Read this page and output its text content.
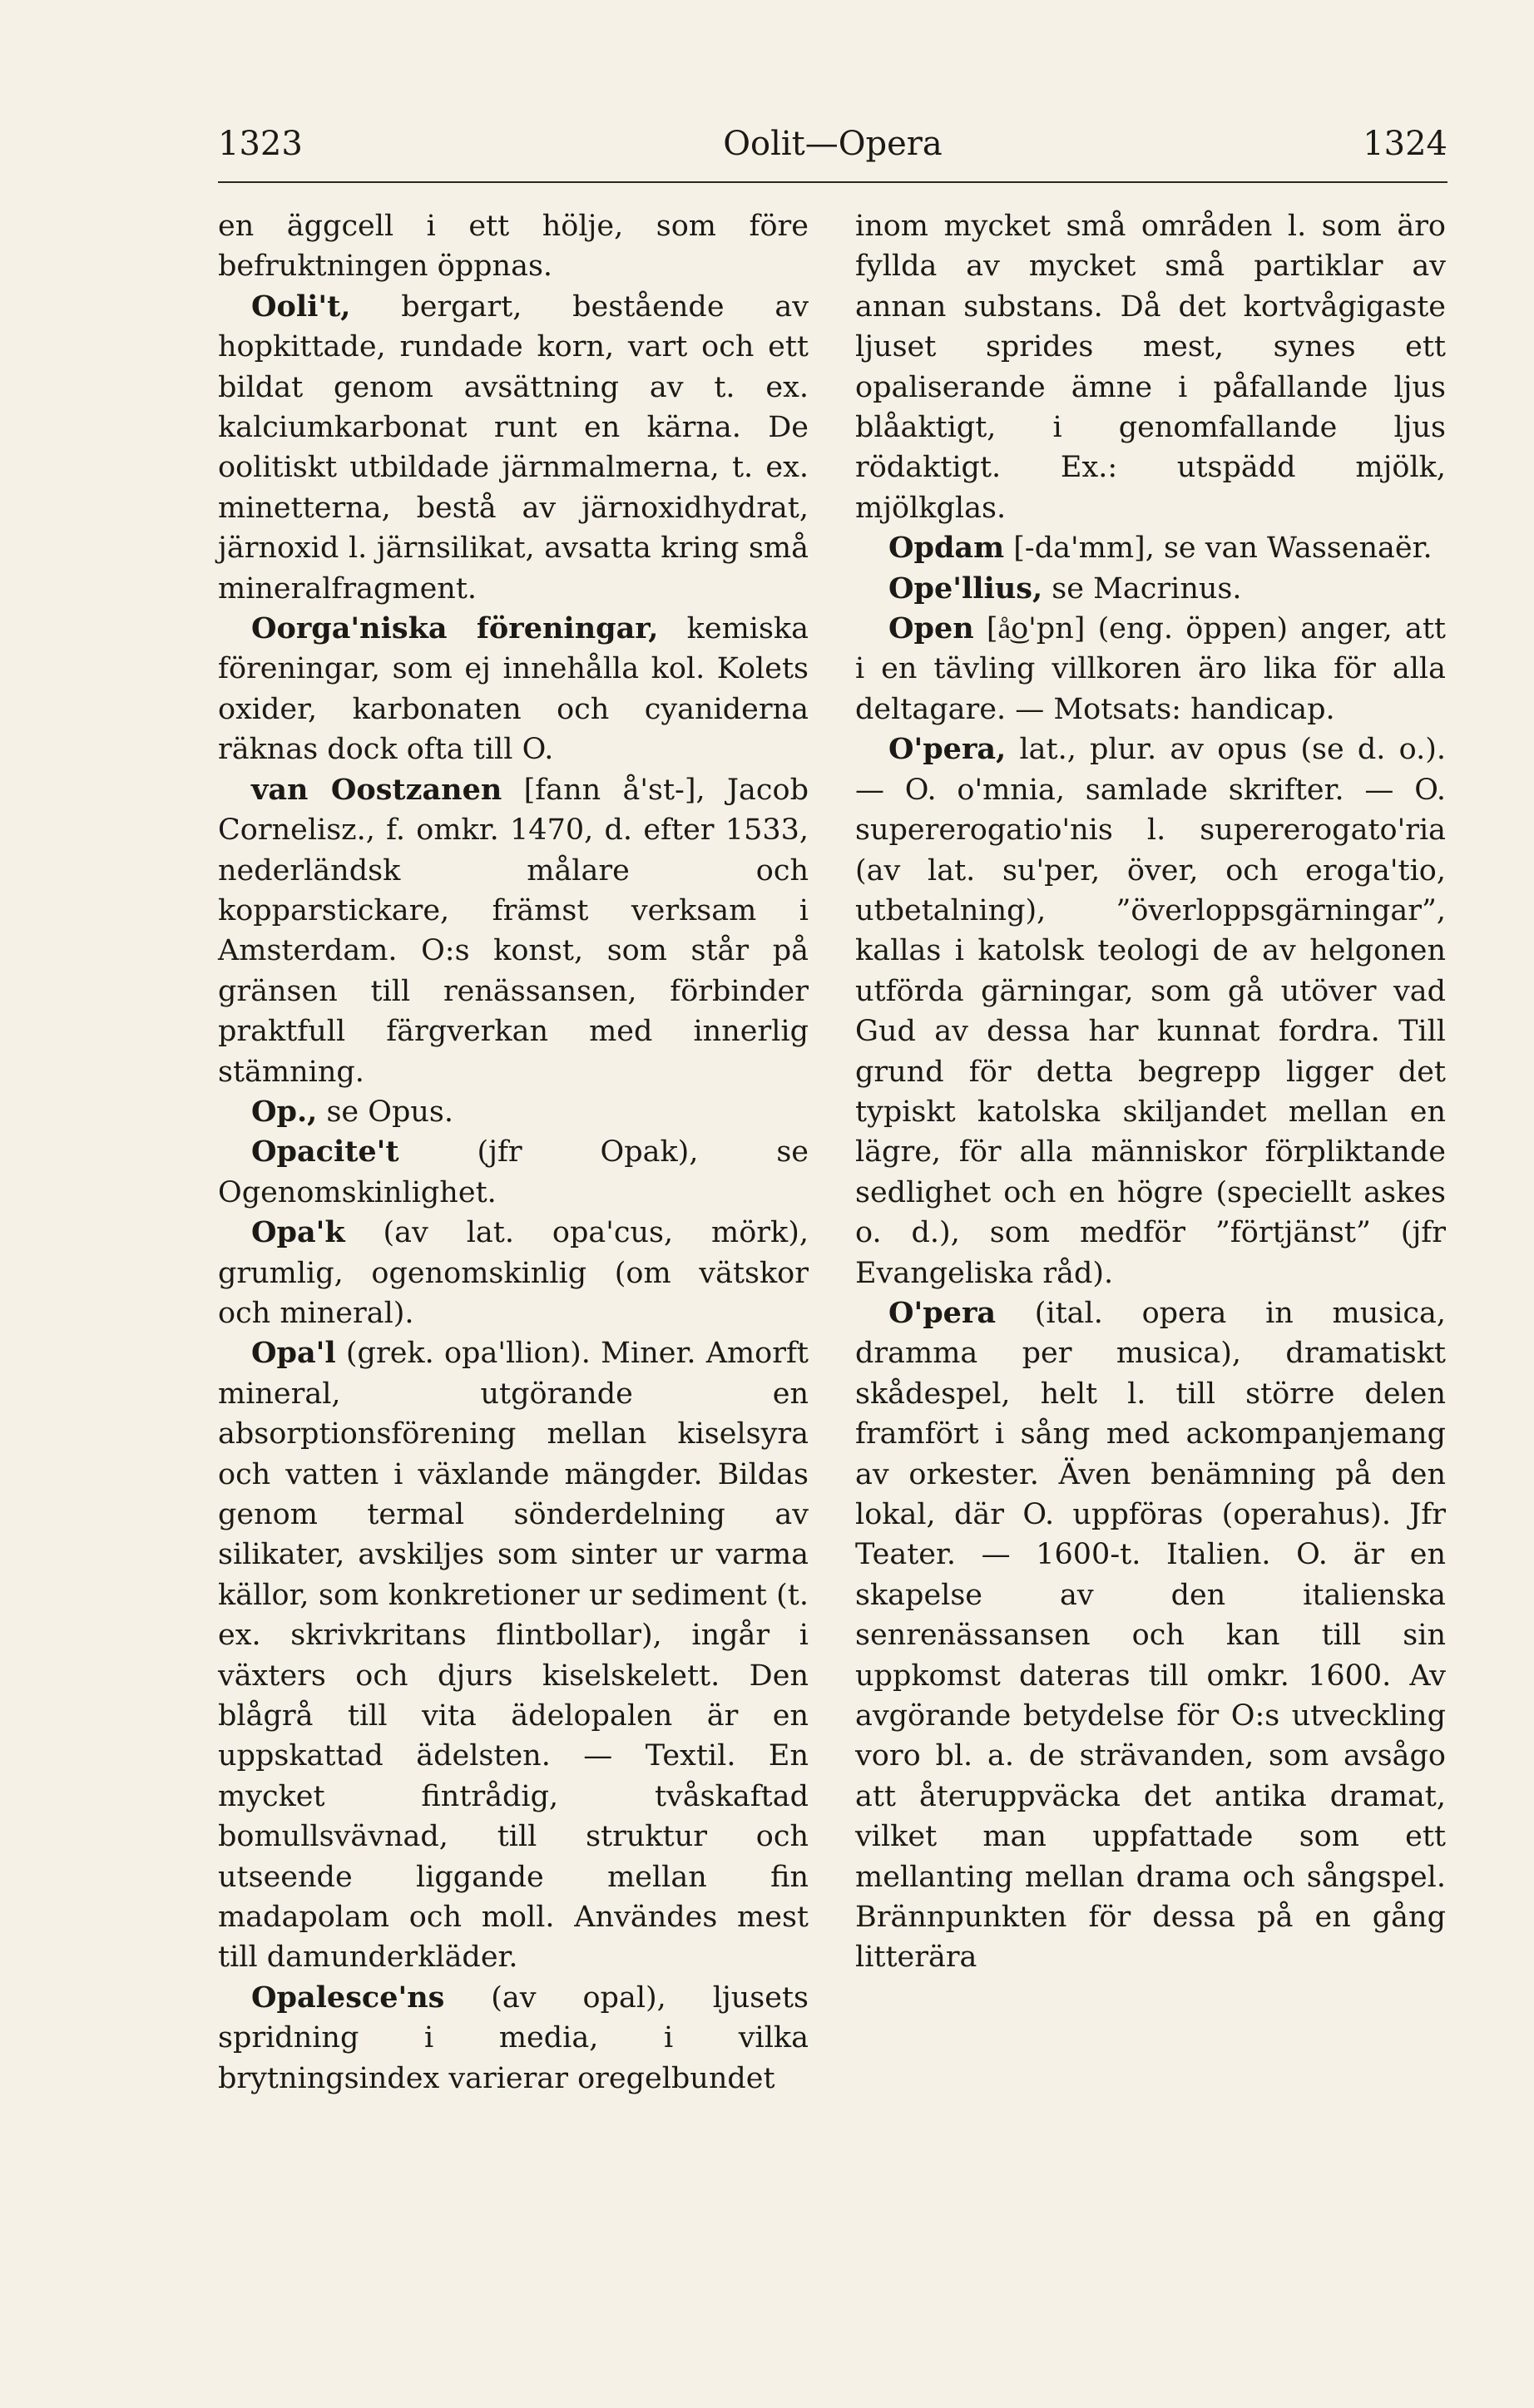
1323	Oolit—Opera	1324

en äggcell i ett hölje, som före befruktningen öppnas.

Ooli't, bergart, bestående av hopkittade, rundade korn, vart och ett bildat genom avsättning av t. ex. kalciumkarbonat runt en kärna. De oolitiskt utbildade järnmalmerna, t. ex. minetterna, bestå av järnoxidhydrat, järnoxid l. järnsilikat, avsatta kring små mineralfragment.

Oorga'niska föreningar, kemiska föreningar, som ej innehålla kol. Kolets oxider, karbonaten och cyaniderna räknas dock ofta till O.

van Oostzanen [fann å'st-], Jacob Cornelisz., f. omkr. 1470, d. efter 1533, nederländsk målare och kopparstickare, främst verksam i Amsterdam. O:s konst, som står på gränsen till renässansen, förbinder praktfull färgverkan med innerlig stämning.

Op., se Opus.

Opacite't (jfr Opak), se Ogenomskinlighet.

Opa'k (av lat. opa'cus, mörk), grumlig, ogenomskinlig (om vätskor och mineral).

Opa'l (grek. opa'llion). Miner. Amorft mineral, utgörande en absorptionsförening mellan kiselsyra och vatten i växlande mängder. Bildas genom termal sönderdelning av silikater, avskiljes som sinter ur varma källor, som konkretioner ur sediment (t. ex. skrivkritans flintbollar), ingår i växters och djurs kiselskelett. Den blågrå till vita ädelopalen är en uppskattad ädelsten. — Textil. En mycket fintrådig, tvåskaftad bomullsvävnad, till struktur och utseende liggande mellan fin madapolam och moll. Användes mest till damunderkläder.

Opalesce'ns (av opal), ljusets spridning i media, i vilka brytningsindex varierar oregelbundet

inom mycket små områden l. som äro fyllda av mycket små partiklar av annan substans. Då det kortvågigaste ljuset sprides mest, synes ett opaliserande ämne i påfallande ljus blåaktigt, i genomfallande ljus rödaktigt. Ex.: utspädd mjölk, mjölkglas.

Opdam [-da'mm], se van Wassenaër.

Ope'llius, se Macrinus.

Open [å͜o'pn] (eng. öppen) anger, att i en tävling villkoren äro lika för alla deltagare. — Motsats: handicap.

O'pera, lat., plur. av opus (se d. o.). — O. o'mnia, samlade skrifter. — O. supererogatio'nis l. supererogato'ria (av lat. su'per, över, och eroga'tio, utbetalning), ”överloppsgärningar”, kallas i katolsk teologi de av helgonen utförda gärningar, som gå utöver vad Gud av dessa har kunnat fordra. Till grund för detta begrepp ligger det typiskt katolska skiljandet mellan en lägre, för alla människor förpliktande sedlighet och en högre (speciellt askes o. d.), som medför ”förtjänst” (jfr Evangeliska råd).

O'pera (ital. opera in musica, dramma per musica), dramatiskt skådespel, helt l. till större delen framfört i sång med ackompanjemang av orkester. Även benämning på den lokal, där O. uppföras (operahus). Jfr Teater. — 1600-t. Italien. O. är en skapelse av den italienska senrenässansen och kan till sin uppkomst dateras till omkr. 1600. Av avgörande betydelse för O:s utveckling voro bl. a. de strävanden, som avsågo att återuppväcka det antika dramat, vilket man uppfattade som ett mellanting mellan drama och sångspel. Brännpunkten för dessa på en gång litterära
